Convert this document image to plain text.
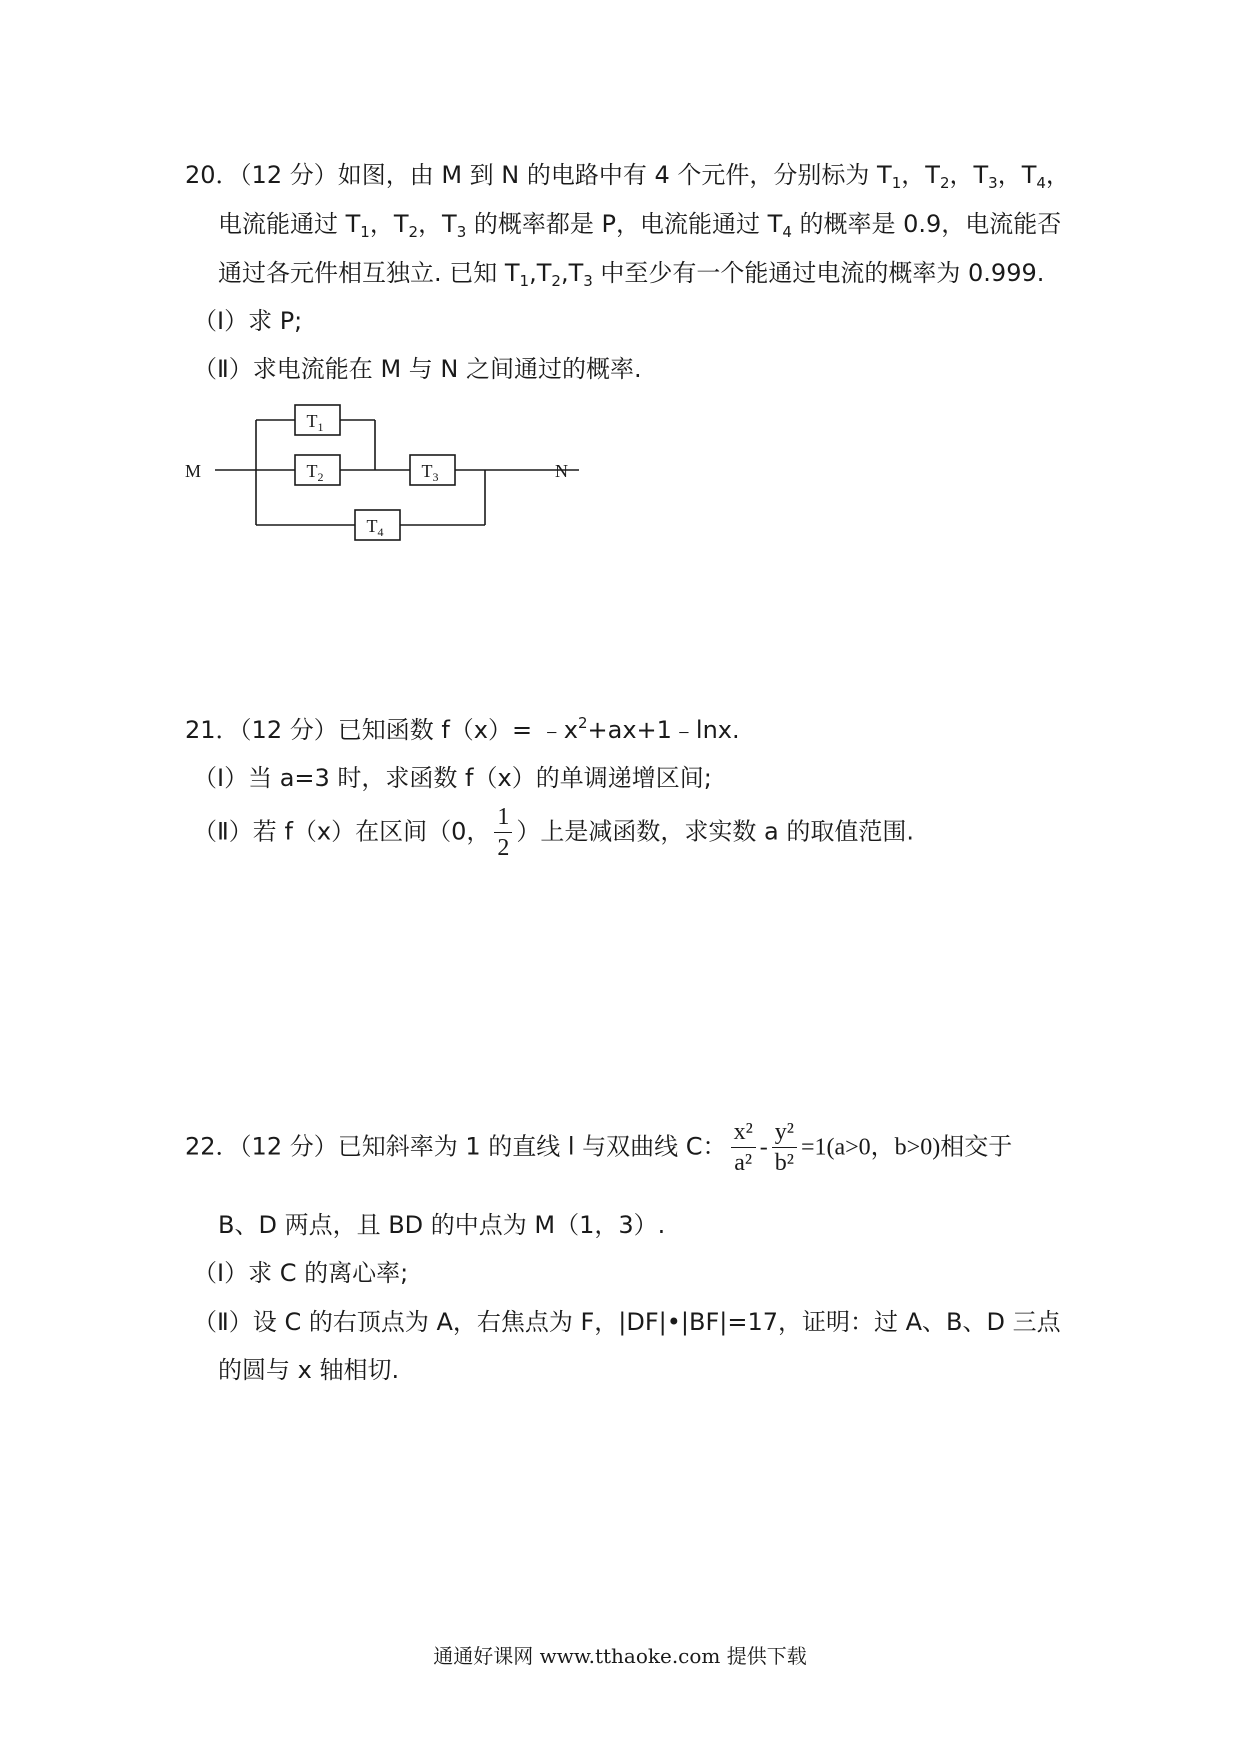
20．（12 分）如图，由 M 到 N 的电路中有 4 个元件，分别标为 $T_1$，$T_2$，$T_3$，$T_4$，
电流能通过 $T_1$，$T_2$，$T_3$ 的概率都是 P，电流能通过 $T_4$ 的概率是 0.9，电流能否
通过各元件相互独立. 已知 $T_1,T_2,T_3$ 中至少有一个能通过电流的概率为 0.999.
（Ⅰ）求 P;
（Ⅱ）求电流能在 M 与 N 之间通过的概率.
$T_1$
$T_2$	$T_3$
$T_4$
M	N
21．（12 分）已知函数 $f(x)= ﹣x^2+ax+1﹣\ln x$.
（Ⅰ）当 a=3 时，求函数 f（x）的单调递增区间;
（Ⅱ）若 f（x）在区间（0， $\frac{1}{2}$ ）上是减函数，求实数 a 的取值范围.
22．（12 分）已知斜率为 1 的直线 l 与双曲线 C： $\frac{\text{x²}}{\text{a²}} - \frac{\text{y²}}{\text{b²}} =1(a>0$，b>0)相交于
B、D 两点，且 BD 的中点为 M（1，3）.
（Ⅰ）求 C 的离心率;
（Ⅱ）设 C 的右顶点为 A，右焦点为 F，|DF|•|BF|=17，证明：过 A、B、D 三点
的圆与 x 轴相切.
通通好课网 www.tthaoke.com 提供下载
